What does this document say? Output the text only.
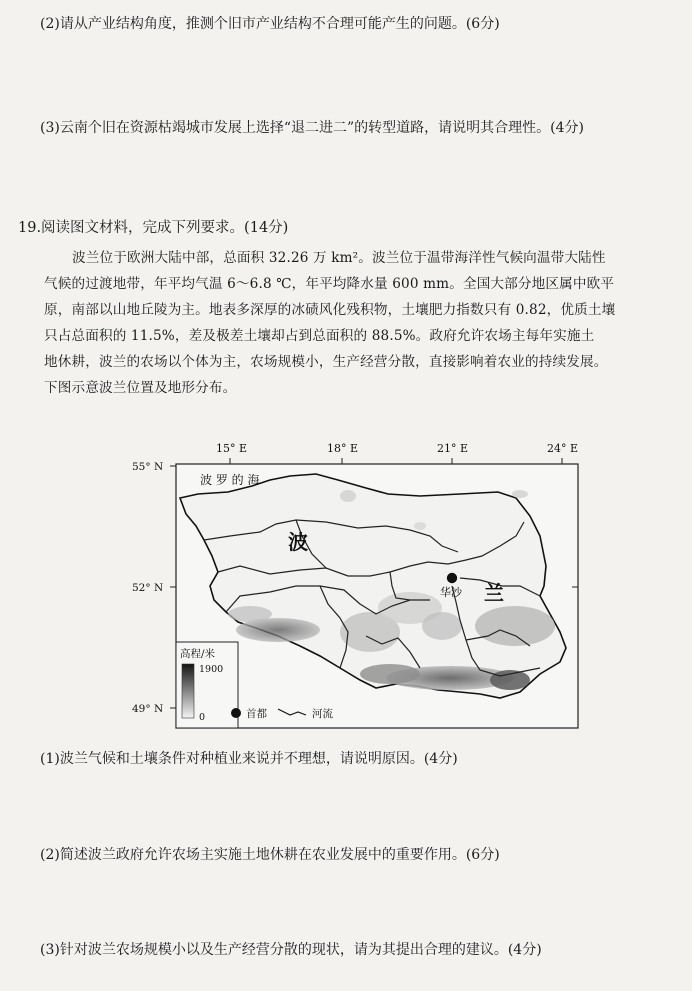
(2)请从产业结构角度，推测个旧市产业结构不合理可能产生的问题。(6分)
(3)云南个旧在资源枯竭城市发展上选择“退二进二”的转型道路，请说明其合理性。(4分)
19.阅读图文材料，完成下列要求。(14分)
波兰位于欧洲大陆中部，总面积 32.26 万 km²。波兰位于温带海洋性气候向温带大陆性
气候的过渡地带，年平均气温 6～6.8 ℃，年平均降水量 600 mm。全国大部分地区属中欧平
原，南部以山地丘陵为主。地表多深厚的冰碛风化残积物，土壤肥力指数只有 0.82，优质土壤
只占总面积的 11.5%，差及极差土壤却占到总面积的 88.5%。政府允许农场主每年实施土
地休耕，波兰的农场以个体为主，农场规模小，生产经营分散，直接影响着农业的持续发展。
下图示意波兰位置及地形分布。
15° E	18° E	21° E	24° E
55° N
52° N
49° N
波 罗 的 海
华沙
波
兰
高程/米
1900
0	首都	河流
(1)波兰气候和土壤条件对种植业来说并不理想，请说明原因。(4分)
(2)简述波兰政府允许农场主实施土地休耕在农业发展中的重要作用。(6分)
(3)针对波兰农场规模小以及生产经营分散的现状，请为其提出合理的建议。(4分)
